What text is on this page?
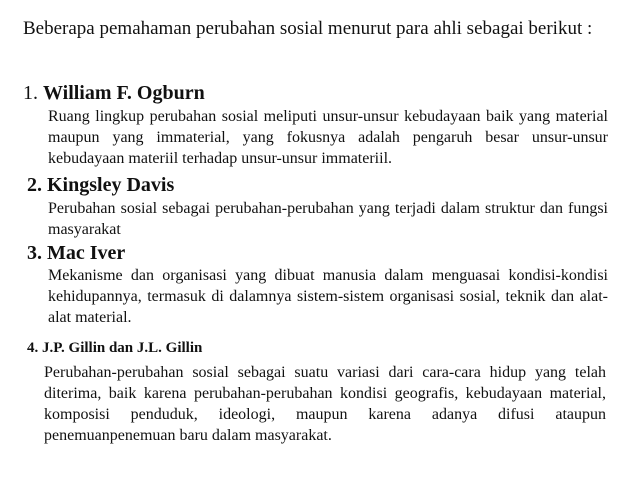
Beberapa pemahaman perubahan sosial menurut para ahli sebagai berikut :
1. William F. Ogburn
Ruang lingkup perubahan sosial meliputi unsur-unsur kebudayaan baik yang material maupun yang immaterial, yang fokusnya adalah pengaruh besar unsur-unsur kebudayaan materiil terhadap unsur-unsur immateriil.
2. Kingsley Davis
Perubahan sosial sebagai perubahan-perubahan yang terjadi dalam struktur dan fungsi masyarakat
3. Mac Iver
Mekanisme dan organisasi yang dibuat manusia dalam menguasai kondisi-kondisi kehidupannya, termasuk di dalamnya sistem-sistem organisasi sosial, teknik dan alat-alat material.
4. J.P. Gillin dan J.L. Gillin
Perubahan-perubahan sosial sebagai suatu variasi dari cara-cara hidup yang telah diterima, baik karena perubahan-perubahan kondisi geografis, kebudayaan material, komposisi penduduk, ideologi, maupun karena adanya difusi ataupun penemuanpenemuan baru dalam masyarakat.
